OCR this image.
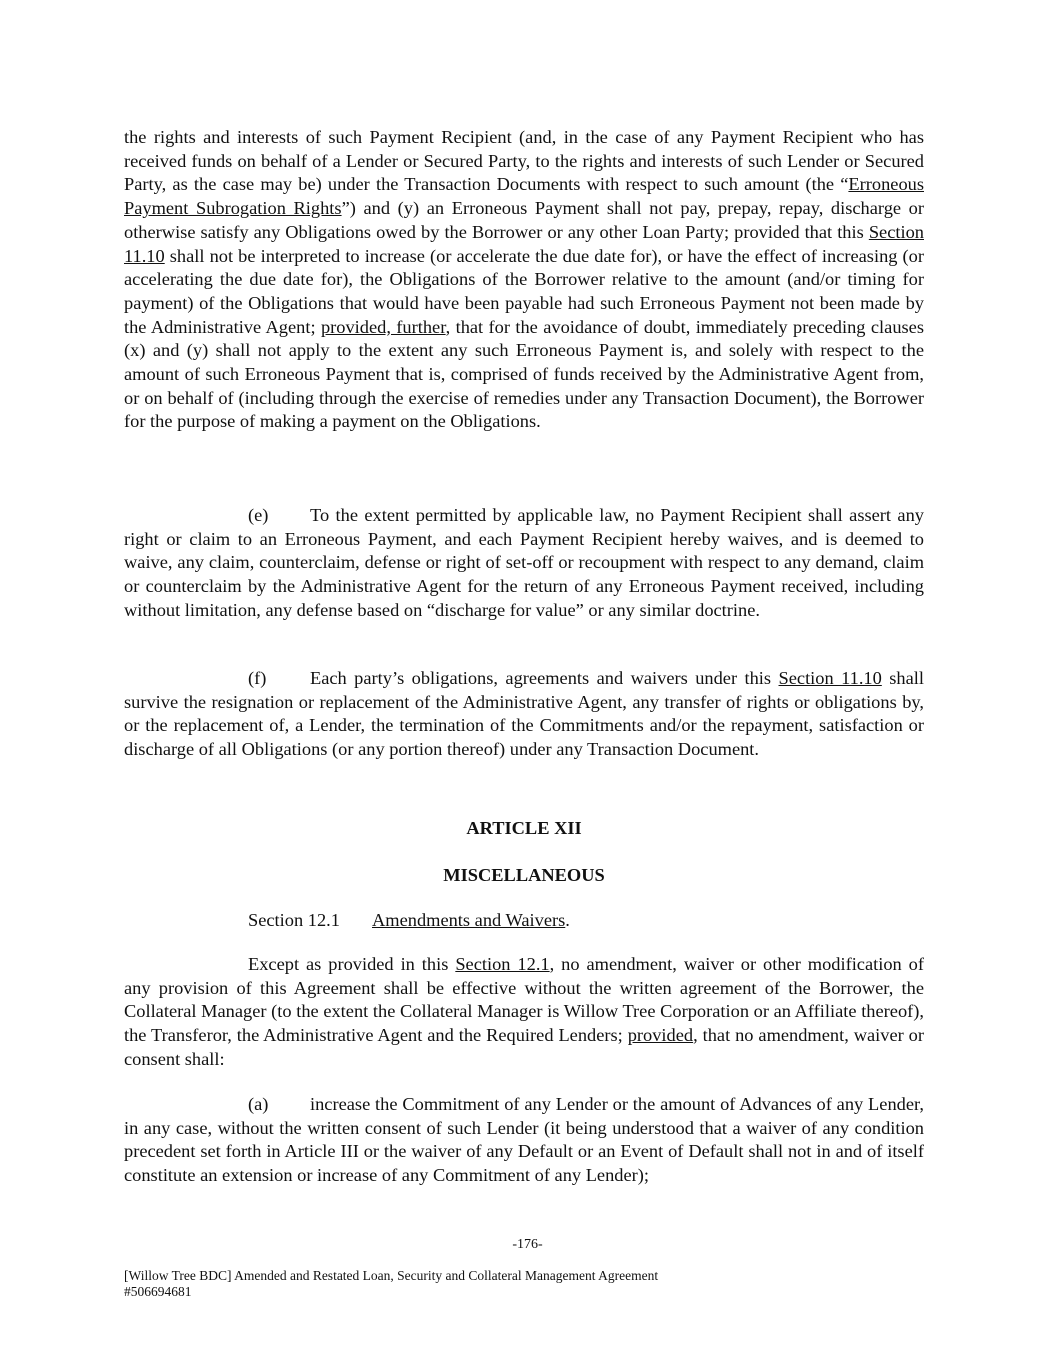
the rights and interests of such Payment Recipient (and, in the case of any Payment Recipient who has received funds on behalf of a Lender or Secured Party, to the rights and interests of such Lender or Secured Party, as the case may be) under the Transaction Documents with respect to such amount (the “Erroneous Payment Subrogation Rights”) and (y) an Erroneous Payment shall not pay, prepay, repay, discharge or otherwise satisfy any Obligations owed by the Borrower or any other Loan Party; provided that this Section 11.10 shall not be interpreted to increase (or accelerate the due date for), or have the effect of increasing (or accelerating the due date for), the Obligations of the Borrower relative to the amount (and/or timing for payment) of the Obligations that would have been payable had such Erroneous Payment not been made by the Administrative Agent; provided, further, that for the avoidance of doubt, immediately preceding clauses (x) and (y) shall not apply to the extent any such Erroneous Payment is, and solely with respect to the amount of such Erroneous Payment that is, comprised of funds received by the Administrative Agent from, or on behalf of (including through the exercise of remedies under any Transaction Document), the Borrower for the purpose of making a payment on the Obligations.

(e) To the extent permitted by applicable law, no Payment Recipient shall assert any right or claim to an Erroneous Payment, and each Payment Recipient hereby waives, and is deemed to waive, any claim, counterclaim, defense or right of set-off or recoupment with respect to any demand, claim or counterclaim by the Administrative Agent for the return of any Erroneous Payment received, including without limitation, any defense based on “discharge for value” or any similar doctrine.

(f) Each party’s obligations, agreements and waivers under this Section 11.10 shall survive the resignation or replacement of the Administrative Agent, any transfer of rights or obligations by, or the replacement of, a Lender, the termination of the Commitments and/or the repayment, satisfaction or discharge of all Obligations (or any portion thereof) under any Transaction Document.

ARTICLE XII

MISCELLANEOUS

Section 12.1 Amendments and Waivers.

Except as provided in this Section 12.1, no amendment, waiver or other modification of any provision of this Agreement shall be effective without the written agreement of the Borrower, the Collateral Manager (to the extent the Collateral Manager is Willow Tree Corporation or an Affiliate thereof), the Transferor, the Administrative Agent and the Required Lenders; provided, that no amendment, waiver or consent shall:

(a) increase the Commitment of any Lender or the amount of Advances of any Lender, in any case, without the written consent of such Lender (it being understood that a waiver of any condition precedent set forth in Article III or the waiver of any Default or an Event of Default shall not in and of itself constitute an extension or increase of any Commitment of any Lender);

-176-
[Willow Tree BDC] Amended and Restated Loan, Security and Collateral Management Agreement
#506694681
